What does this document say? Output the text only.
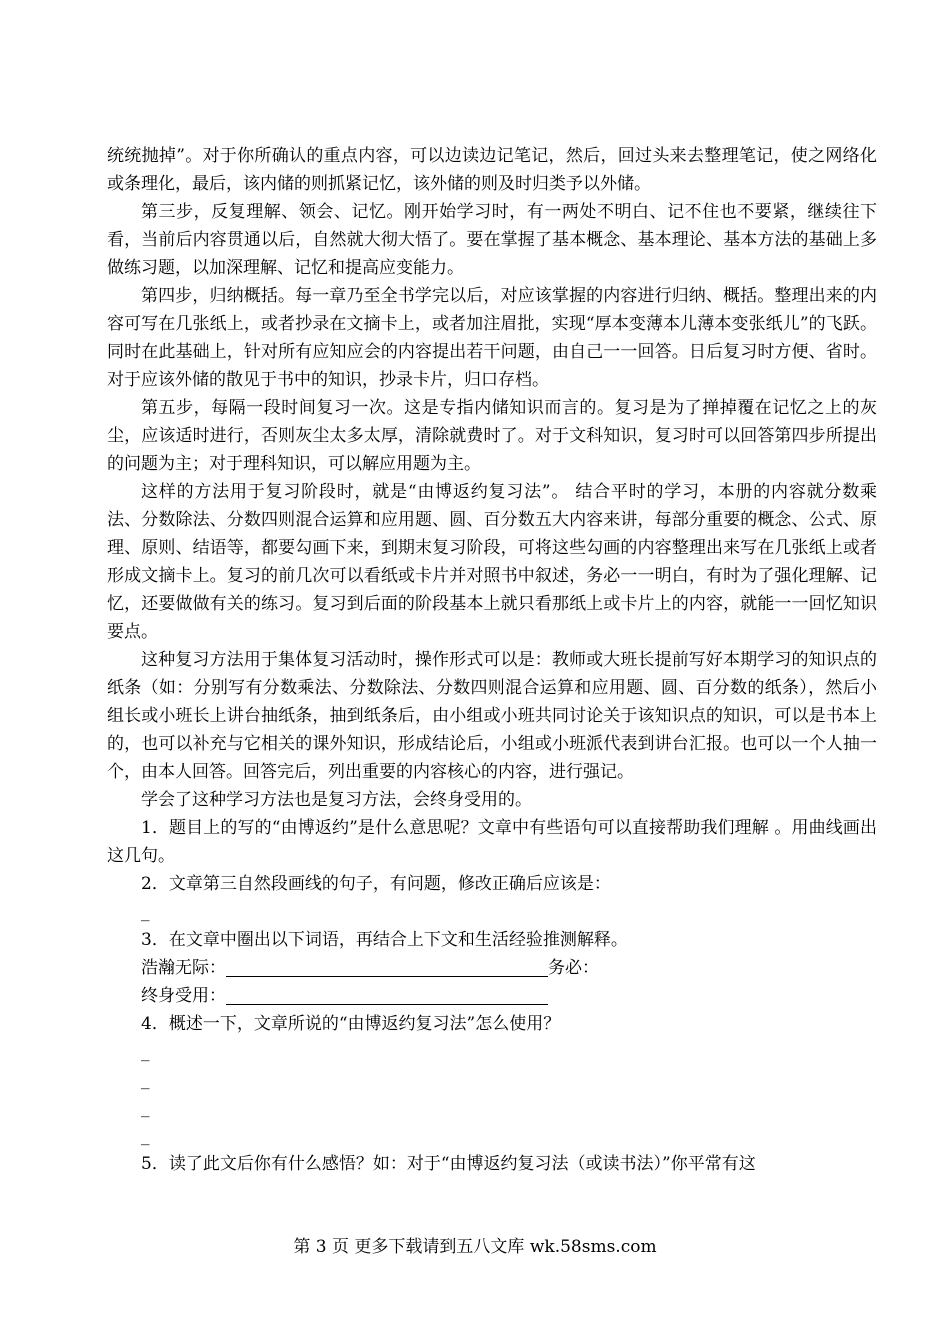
统统抛掉”。对于你所确认的重点内容，可以边读边记笔记，然后，回过头来去整理笔记，使之网络化或条理化，最后，该内储的则抓紧记忆，该外储的则及时归类予以外储。

第三步，反复理解、领会、记忆。刚开始学习时，有一两处不明白、记不住也不要紧，继续往下看，当前后内容贯通以后，自然就大彻大悟了。要在掌握了基本概念、基本理论、基本方法的基础上多做练习题，以加深理解、记忆和提高应变能力。

第四步，归纳概括。每一章乃至全书学完以后，对应该掌握的内容进行归纳、概括。整理出来的内容可写在几张纸上，或者抄录在文摘卡上，或者加注眉批，实现“厚本变薄本儿薄本变张纸儿”的飞跃。同时在此基础上，针对所有应知应会的内容提出若干问题，由自己一一回答。日后复习时方便、省时。对于应该外储的散见于书中的知识，抄录卡片，归口存档。

第五步，每隔一段时间复习一次。这是专指内储知识而言的。复习是为了掸掉覆在记忆之上的灰尘，应该适时进行，否则灰尘太多太厚，清除就费时了。对于文科知识，复习时可以回答第四步所提出的问题为主；对于理科知识，可以解应用题为主。

这样的方法用于复习阶段时，就是“由博返约复习法”。 结合平时的学习，本册的内容就分数乘法、分数除法、分数四则混合运算和应用题、圆、百分数五大内容来讲，每部分重要的概念、公式、原理、原则、结语等，都要勾画下来，到期末复习阶段，可将这些勾画的内容整理出来写在几张纸上或者形成文摘卡上。复习的前几次可以看纸或卡片并对照书中叙述，务必一一明白，有时为了强化理解、记忆，还要做做有关的练习。复习到后面的阶段基本上就只看那纸上或卡片上的内容，就能一一回忆知识要点。

这种复习方法用于集体复习活动时，操作形式可以是：教师或大班长提前写好本期学习的知识点的纸条（如：分别写有分数乘法、分数除法、分数四则混合运算和应用题、圆、百分数的纸条），然后小组长或小班长上讲台抽纸条，抽到纸条后，由小组或小班共同讨论关于该知识点的知识，可以是书本上的，也可以补充与它相关的课外知识，形成结论后，小组或小班派代表到讲台汇报。也可以一个人抽一个，由本人回答。回答完后，列出重要的内容核心的内容，进行强记。

学会了这种学习方法也是复习方法，会终身受用的。

1．题目上的写的“由博返约”是什么意思呢？文章中有些语句可以直接帮助我们理解 。用曲线画出这几句。

2．文章第三自然段画线的句子，有问题，修改正确后应该是：

_

3．在文章中圈出以下词语，再结合上下文和生活经验推测解释。

浩瀚无际：	务必：
终身受用：

4．概述一下，文章所说的“由博返约复习法”怎么使用？

_
_
_
_

5．读了此文后你有什么感悟？如：对于“由博返约复习法（或读书法）”你平常有这

第 3 页 更多下载请到五八文库 wk.58sms.com
